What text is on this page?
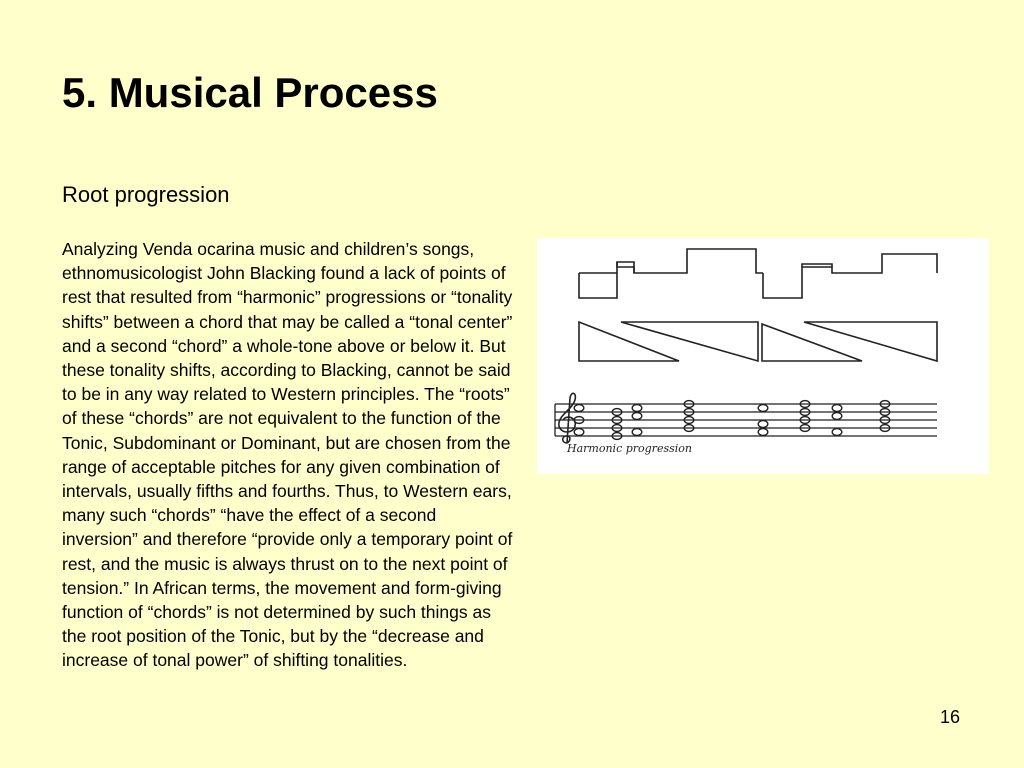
5. Musical Process
Root progression

Analyzing Venda ocarina music and children’s songs, ethnomusicologist John Blacking found a lack of points of rest that resulted from “harmonic” progressions or “tonality shifts” between a chord that may be called a “tonal center” and a second “chord” a whole-tone above or below it. But these tonality shifts, according to Blacking, cannot be said to be in any way related to Western principles. The “roots” of these “chords” are not equivalent to the function of the Tonic, Subdominant or Dominant, but are chosen from the range of acceptable pitches for any given combination of intervals, usually fifths and fourths. Thus, to Western ears, many such “chords” “have the effect of a second inversion” and therefore “provide only a temporary point of rest, and the music is always thrust on to the next point of tension.” In African terms, the movement and form-giving function of “chords” is not determined by such things as the root position of the Tonic, but by the “decrease and increase of tonal power” of shifting tonalities.

Harmonic progression
16
